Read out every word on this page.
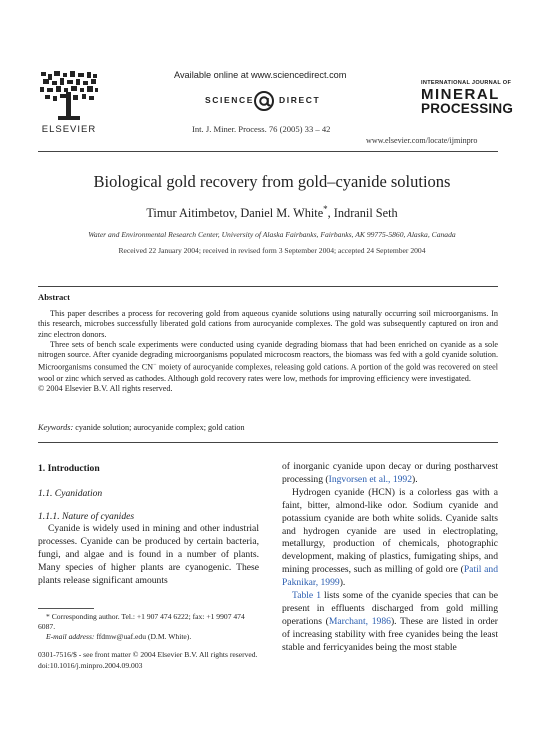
ELSEVIER
Available online at www.sciencedirect.com
SCIENCE	DIRECT
Int. J. Miner. Process. 76 (2005) 33 – 42
INTERNATIONAL JOURNAL OF
MINERAL
PROCESSING
www.elsevier.com/locate/ijminpro
Biological gold recovery from gold–cyanide solutions
Timur Aitimbetov, Daniel M. White*, Indranil Seth
Water and Environmental Research Center, University of Alaska Fairbanks, Fairbanks, AK 99775-5860, Alaska, Canada
Received 22 January 2004; received in revised form 3 September 2004; accepted 24 September 2004
Abstract

This paper describes a process for recovering gold from aqueous cyanide solutions using naturally occurring soil microorganisms. In this research, microbes successfully liberated gold cations from aurocyanide complexes. The gold was subsequently captured on iron and zinc electron donors.

Three sets of bench scale experiments were conducted using cyanide degrading biomass that had been enriched on cyanide as a sole nitrogen source. After cyanide degrading microorganisms populated microcosm reactors, the biomass was fed with a gold cyanide solution. Microorganisms consumed the CN− moiety of aurocyanide complexes, releasing gold cations. A portion of the gold was recovered on steel wool or zinc which served as cathodes. Although gold recovery rates were low, methods for improving efficiency were investigated.

© 2004 Elsevier B.V. All rights reserved.

Keywords: cyanide solution; aurocyanide complex; gold cation
1. Introduction
1.1. Cyanidation
1.1.1. Nature of cyanides
Cyanide is widely used in mining and other industrial processes. Cyanide can be produced by certain bacteria, fungi, and algae and is found in a number of plants. Many species of higher plants are cyanogenic. These plants release significant amounts

* Corresponding author. Tel.: +1 907 474 6222; fax: +1 9907 474 6087.

E-mail address: ffdmw@uaf.edu (D.M. White).

0301-7516/$ - see front matter © 2004 Elsevier B.V. All rights reserved.
doi:10.1016/j.minpro.2004.09.003

of inorganic cyanide upon decay or during postharvest processing (Ingvorsen et al., 1992).

Hydrogen cyanide (HCN) is a colorless gas with a faint, bitter, almond-like odor. Sodium cyanide and potassium cyanide are both white solids. Cyanide salts and hydrogen cyanide are used in electroplating, metallurgy, production of chemicals, photographic development, making of plastics, fumigating ships, and mining processes, such as milling of gold ore (Patil and Paknikar, 1999).

Table 1 lists some of the cyanide species that can be present in effluents discharged from gold milling operations (Marchant, 1986). These are listed in order of increasing stability with free cyanides being the least stable and ferricyanides being the most stable
